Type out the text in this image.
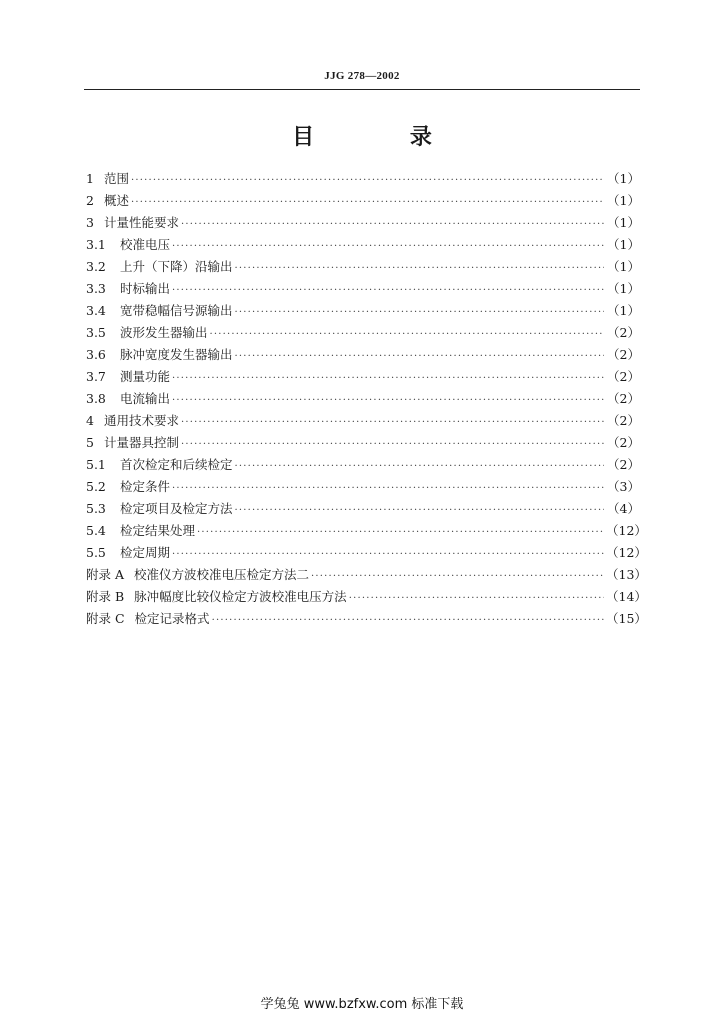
JJG 278—2002
目 录
1 范围 ·····	（1）
2 概述 ·····	（1）
3 计量性能要求 ·····	（1）
3.1	校准电压 ·····	（1）
3.2	上升（下降）沿输出 ·····	（1）
3.3	时标输出 ·····	（1）
3.4	宽带稳幅信号源输出 ·····	（1）
3.5	波形发生器输出 ·····	（2）
3.6	脉冲宽度发生器输出 ·····	（2）
3.7	测量功能 ·····	（2）
3.8	电流输出 ·····	（2）
4 通用技术要求 ·····	（2）
5 计量器具控制 ·····	（2）
5.1	首次检定和后续检定 ·····	（2）
5.2	检定条件 ·····	（3）
5.3	检定项目及检定方法 ·····	（4）
5.4	检定结果处理 ·····	（12）
5.5	检定周期 ·····	（12）
附录 A 校准仪方波校准电压检定方法二 ·····	（13）
附录 B 脉冲幅度比较仪检定方波校准电压方法 ·····	（14）
附录 C 检定记录格式 ·····	（15）
学兔兔 www.bzfxw.com 标准下载
